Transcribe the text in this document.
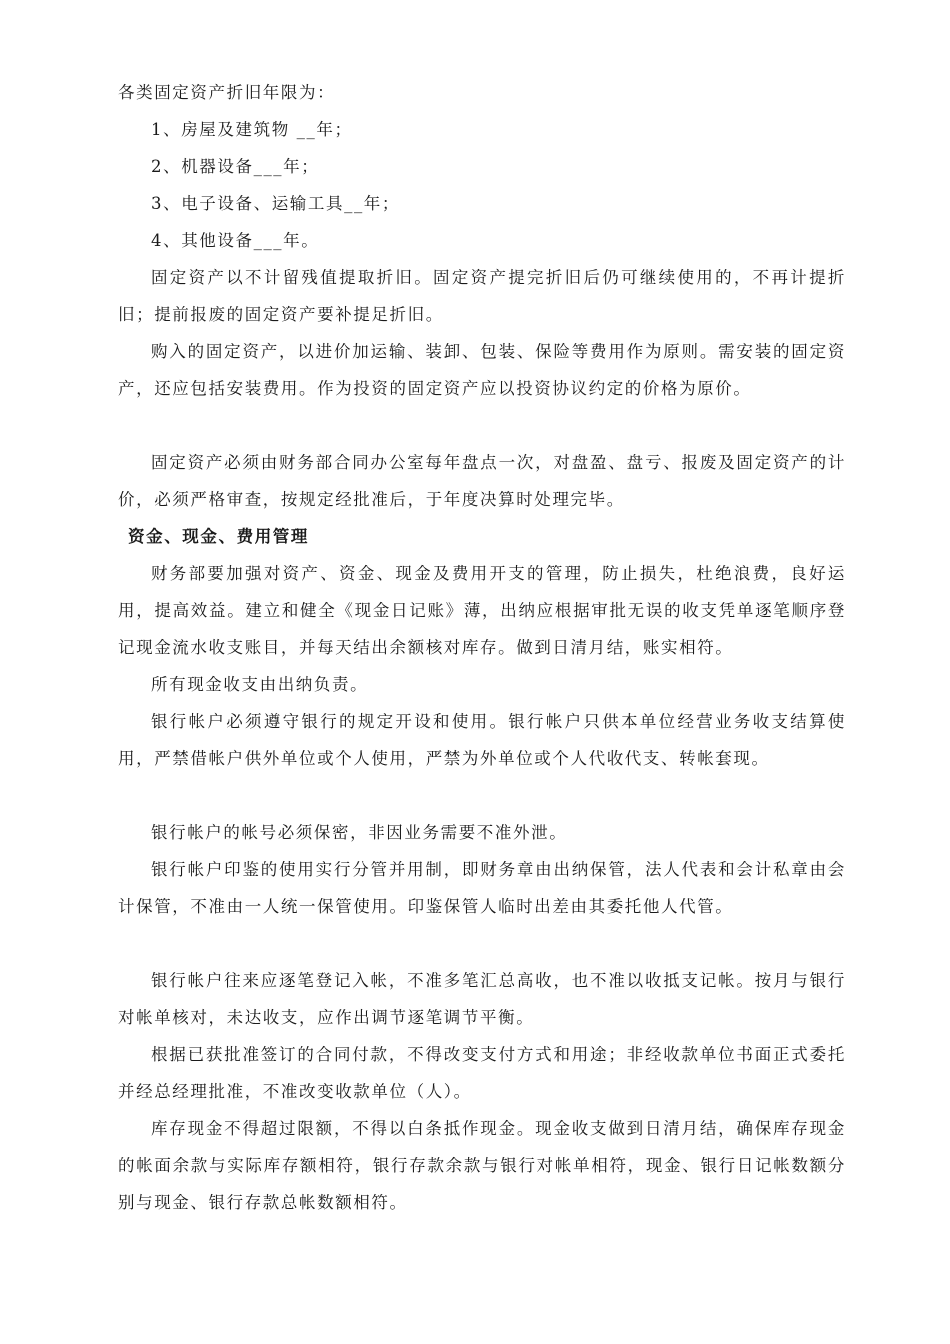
各类固定资产折旧年限为：

1、房屋及建筑物 __年；

2、机器设备___年；

3、电子设备、运输工具__年；

4、其他设备___年。

固定资产以不计留残值提取折旧。固定资产提完折旧后仍可继续使用的，不再计提折旧；提前报废的固定资产要补提足折旧。

购入的固定资产，以进价加运输、装卸、包装、保险等费用作为原则。需安装的固定资产，还应包括安装费用。作为投资的固定资产应以投资协议约定的价格为原价。

固定资产必须由财务部合同办公室每年盘点一次，对盘盈、盘亏、报废及固定资产的计价，必须严格审查，按规定经批准后，于年度决算时处理完毕。

资金、现金、费用管理

财务部要加强对资产、资金、现金及费用开支的管理，防止损失，杜绝浪费，良好运用，提高效益。建立和健全《现金日记账》薄，出纳应根据审批无误的收支凭单逐笔顺序登记现金流水收支账目，并每天结出余额核对库存。做到日清月结，账实相符。

所有现金收支由出纳负责。

银行帐户必须遵守银行的规定开设和使用。银行帐户只供本单位经营业务收支结算使用，严禁借帐户供外单位或个人使用，严禁为外单位或个人代收代支、转帐套现。

银行帐户的帐号必须保密，非因业务需要不准外泄。

银行帐户印鉴的使用实行分管并用制，即财务章由出纳保管，法人代表和会计私章由会计保管，不准由一人统一保管使用。印鉴保管人临时出差由其委托他人代管。

银行帐户往来应逐笔登记入帐，不准多笔汇总高收，也不准以收抵支记帐。按月与银行对帐单核对，未达收支，应作出调节逐笔调节平衡。

根据已获批准签订的合同付款，不得改变支付方式和用途；非经收款单位书面正式委托并经总经理批准，不准改变收款单位（人）。

库存现金不得超过限额，不得以白条抵作现金。现金收支做到日清月结，确保库存现金的帐面余款与实际库存额相符，银行存款余款与银行对帐单相符，现金、银行日记帐数额分别与现金、银行存款总帐数额相符。
